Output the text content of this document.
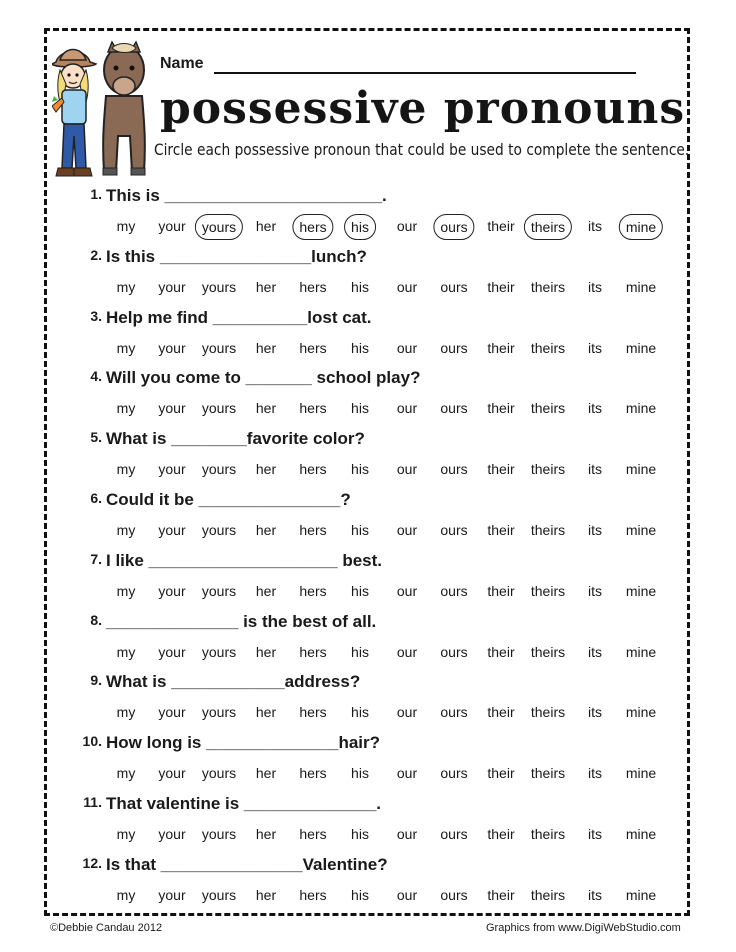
Name
possessive pronouns
Circle each possessive pronoun that could be used to complete the sentence.
1. This is _______________________.
my your	yours	her	hers	his	our	ours	their	theirs	its	mine
2. Is this ________________lunch?
my your yours her hers his our ours their theirs its mine
3. Help me find __________lost cat.
my your yours her hers his our ours their theirs its mine
4. Will you come to _______ school play?
my your yours her hers his our ours their theirs its mine
5. What is ________favorite color?
my your yours her hers his our ours their theirs its mine
6. Could it be _______________?
my your yours her hers his our ours their theirs its mine
7. I like ____________________ best.
my your yours her hers his our ours their theirs its mine
8. ______________ is the best of all.
my your yours her hers his our ours their theirs its mine
9. What is ____________address?
my your yours her hers his our ours their theirs its mine
10. How long is ______________hair?
my your yours her hers his our ours their theirs its mine
11. That valentine is ______________.
my your yours her hers his our ours their theirs its mine
12. Is that _______________Valentine?
my your yours her hers his our ours their theirs its mine
©Debbie Candau 2012	Graphics from www.DigiWebStudio.com
